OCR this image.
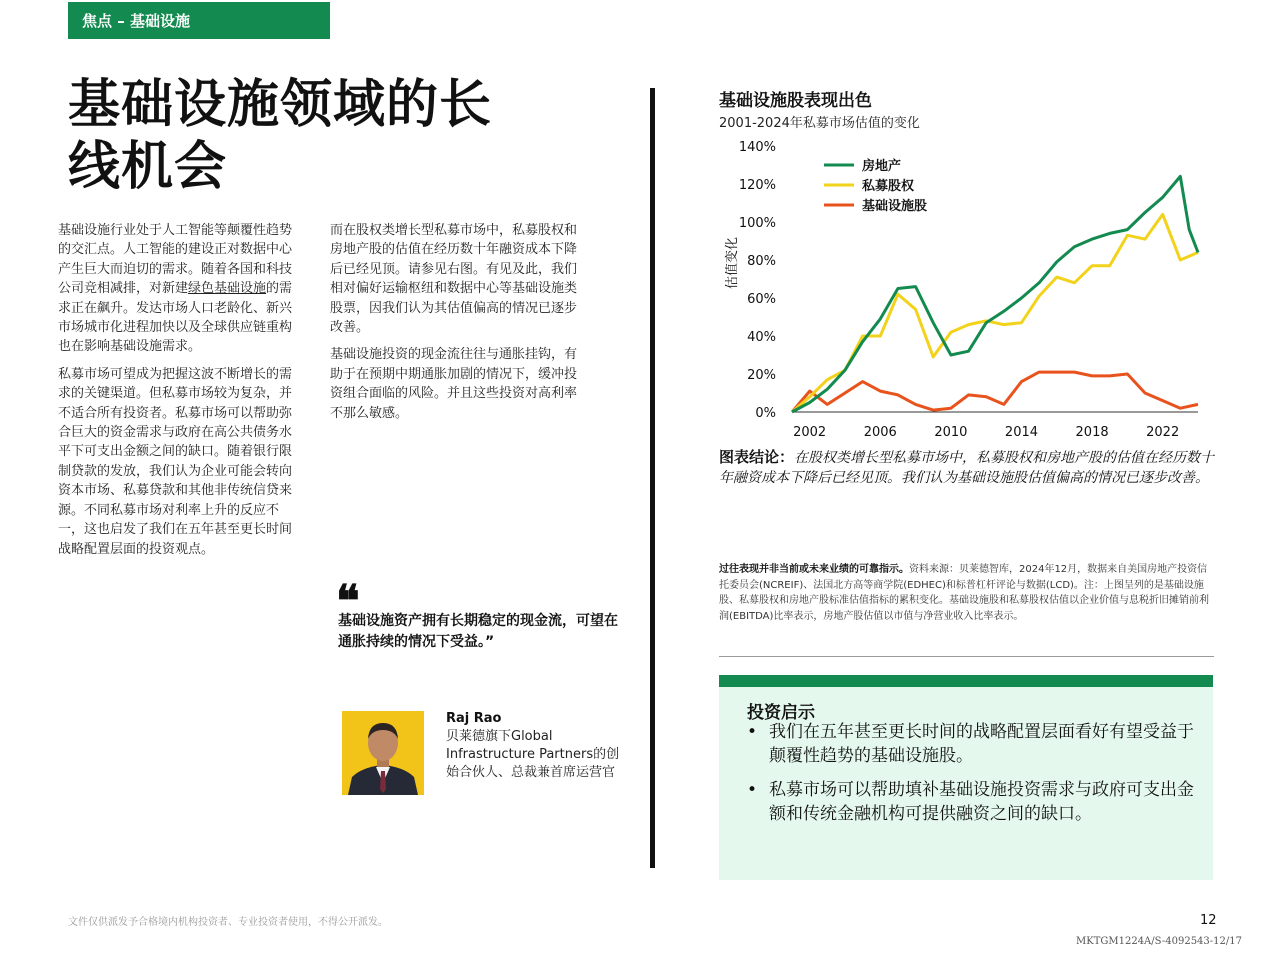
焦点 – 基础设施
基础设施领域的长
线机会

基础设施行业处于人工智能等颠覆性趋势的交汇点。人工智能的建设正对数据中心产生巨大而迫切的需求。随着各国和科技公司竞相减排，对新建绿色基础设施的需求正在飙升。发达市场人口老龄化、新兴市场城市化进程加快以及全球供应链重构也在影响基础设施需求。

私募市场可望成为把握这波不断增长的需求的关键渠道。但私募市场较为复杂，并不适合所有投资者。私募市场可以帮助弥合巨大的资金需求与政府在高公共债务水平下可支出金额之间的缺口。随着银行限制贷款的发放，我们认为企业可能会转向资本市场、私募贷款和其他非传统信贷来源。不同私募市场对利率上升的反应不一，这也启发了我们在五年甚至更长时间战略配置层面的投资观点。

而在股权类增长型私募市场中，私募股权和房地产股的估值在经历数十年融资成本下降后已经见顶。请参见右图。有见及此，我们相对偏好运输枢纽和数据中心等基础设施类股票，因我们认为其估值偏高的情况已逐步改善。

基础设施投资的现金流往往与通胀挂钩，有助于在预期中期通胀加剧的情况下，缓冲投资组合面临的风险。并且这些投资对高利率不那么敏感。

❝
基础设施资产拥有长期稳定的现金流，可望在通胀持续的情况下受益。”
Raj Rao
贝莱德旗下Global Infrastructure Partners的创始合伙人、总裁兼首席运营官
基础设施股表现出色
2001-2024年私募市场估值的变化
0%
20%
40%
60%
80%
100%
120%
140%
2002	2006	2010	2014	2018	2022
估值变化
房地产
私募股权
基础设施股
图表结论：在股权类增长型私募市场中，私募股权和房地产股的估值在经历数十年融资成本下降后已经见顶。我们认为基础设施股估值偏高的情况已逐步改善。
过往表现并非当前或未来业绩的可靠指示。资料来源：贝莱德智库，2024年12月，数据来自美国房地产投资信托委员会(NCREIF)、法国北方高等商学院(EDHEC)和标普杠杆评论与数据(LCD)。注：上图呈列的是基础设施股、私募股权和房地产股标准估值指标的累积变化。基础设施股和私募股权估值以企业价值与息税折旧摊销前利润(EBITDA)比率表示，房地产股估值以市值与净营业收入比率表示。
投资启示
• 我们在五年甚至更长时间的战略配置层面看好有望受益于颠覆性趋势的基础设施股。
• 私募市场可以帮助填补基础设施投资需求与政府可支出金额和传统金融机构可提供融资之间的缺口。
文件仅供派发予合格境内机构投资者、专业投资者使用，不得公开派发。	12
MKTGM1224A/S-4092543-12/17
